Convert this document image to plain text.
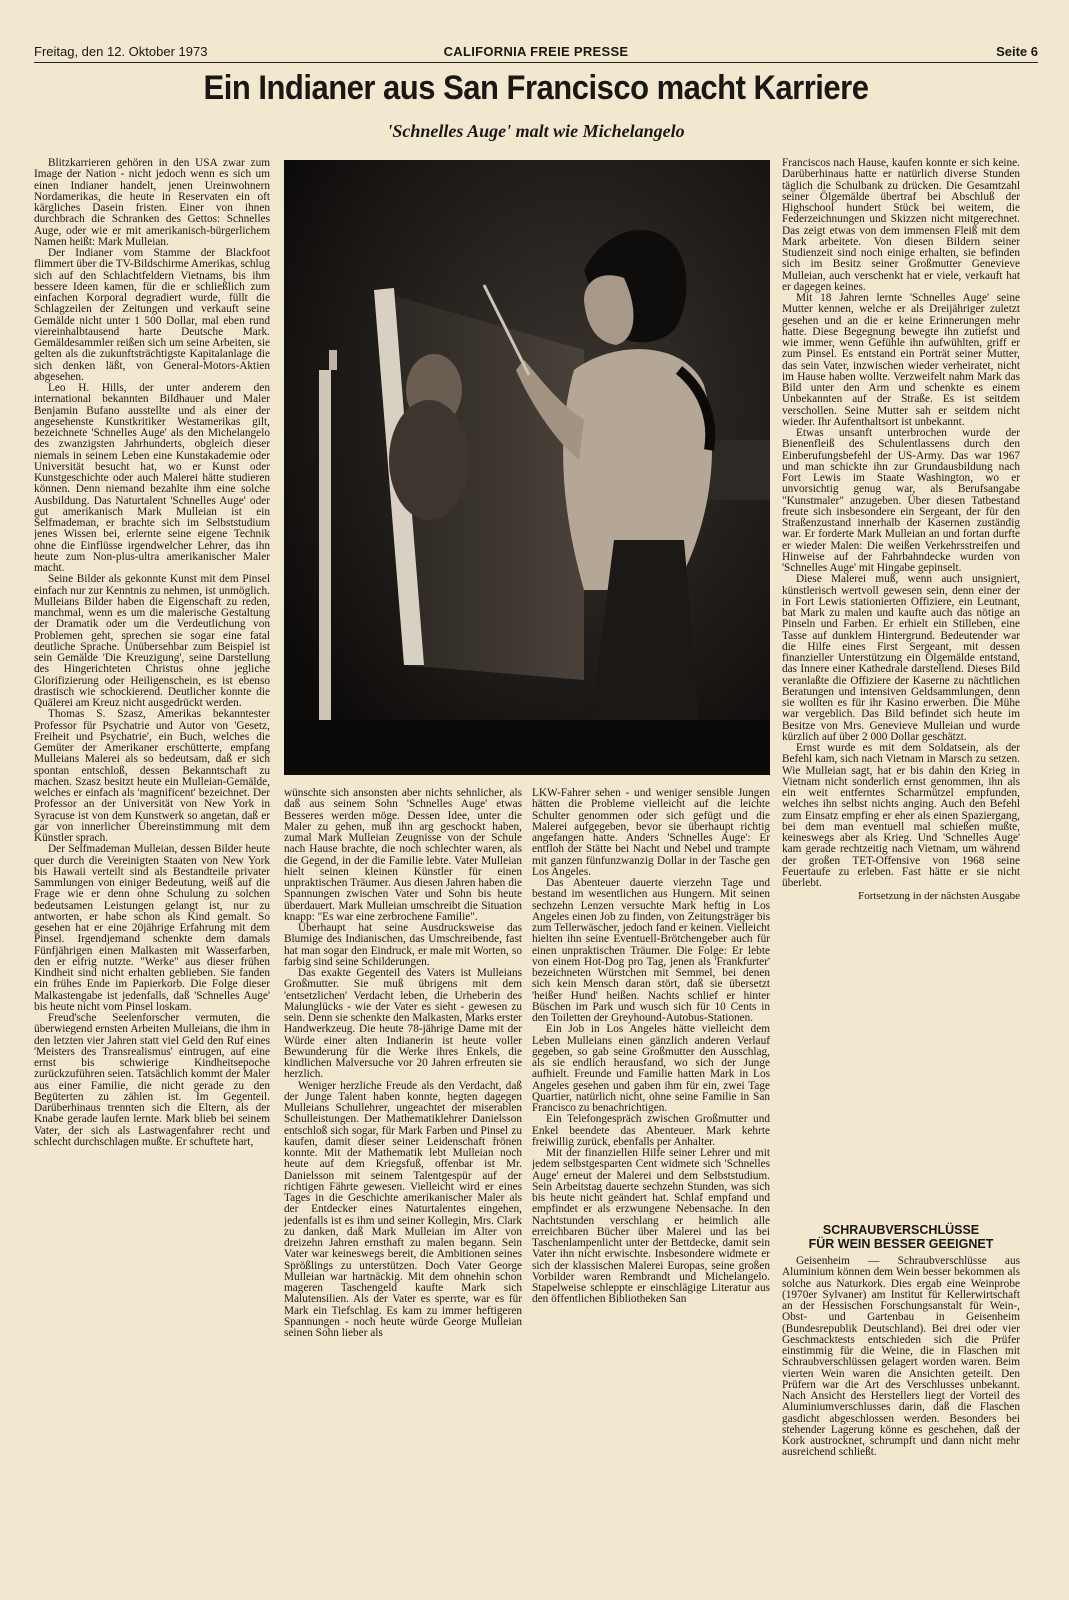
CALIFORNIA FREIE PRESSE
Freitag, den 12. Oktober 1973	Seite 6
Ein Indianer aus San Francisco macht Karriere
'Schnelles Auge' malt wie Michelangelo

Blitzkarrieren gehören in den USA zwar zum Image der Nation - nicht jedoch wenn es sich um einen Indianer handelt, jenen Ureinwohnern Nordamerikas, die heute in Reservaten ein oft kärgliches Dasein fristen. Einer von ihnen durchbrach die Schranken des Gettos: Schnelles Auge, oder wie er mit amerikanisch-bürgerlichem Namen heißt: Mark Mulleian.

Der Indianer vom Stamme der Blackfoot flimmert über die TV-Bildschirme Amerikas, schlug sich auf den Schlachtfeldern Vietnams, bis ihm bessere Ideen kamen, für die er schließlich zum einfachen Korporal degradiert wurde, füllt die Schlagzeilen der Zeitungen und verkauft seine Gemälde nicht unter 1 500 Dollar, mal eben rund viereinhalbtausend harte Deutsche Mark. Gemäldesammler reißen sich um seine Arbeiten, sie gelten als die zukunftsträchtigste Kapitalanlage die sich denken läßt, von General-Motors-Aktien abgesehen.

Leo H. Hills, der unter anderem den international bekannten Bildhauer und Maler Benjamin Bufano ausstellte und als einer der angesehenste Kunstkritiker Westamerikas gilt, bezeichnete 'Schnelles Auge' als den Michelangelo des zwanzigsten Jahrhunderts, obgleich dieser niemals in seinem Leben eine Kunstakademie oder Universität besucht hat, wo er Kunst oder Kunstgeschichte oder auch Malerei hätte studieren können. Denn niemand bezahlte ihm eine solche Ausbildung. Das Naturtalent 'Schnelles Auge' oder gut amerikanisch Mark Mulleian ist ein Selfmademan, er brachte sich im Selbststudium jenes Wissen bei, erlernte seine eigene Technik ohne die Einflüsse irgendwelcher Lehrer, das ihn heute zum Non-plus-ultra amerikanischer Maler macht.

Seine Bilder als gekonnte Kunst mit dem Pinsel einfach nur zur Kenntnis zu nehmen, ist unmöglich. Mulleians Bilder haben die Eigenschaft zu reden, manchmal, wenn es um die malerische Gestaltung der Dramatik oder um die Verdeutlichung von Problemen geht, sprechen sie sogar eine fatal deutliche Sprache. Unübersehbar zum Beispiel ist sein Gemälde 'Die Kreuzigung', seine Darstellung des Hingerichteten Christus ohne jegliche Glorifizierung oder Heiligenschein, es ist ebenso drastisch wie schockierend. Deutlicher konnte die Quälerei am Kreuz nicht ausgedrückt werden.

Thomas S. Szasz, Amerikas bekanntester Professor für Psychatrie und Autor von 'Gesetz, Freiheit und Psychatrie', ein Buch, welches die Gemüter der Amerikaner erschütterte, empfang Mulleians Malerei als so bedeutsam, daß er sich spontan entschloß, dessen Bekanntschaft zu machen. Szasz besitzt heute ein Mulleian-Gemälde, welches er einfach als 'magnificent' bezeichnet. Der Professor an der Universität von New York in Syracuse ist von dem Kunstwerk so angetan, daß er gar von innerlicher Übereinstimmung mit dem Künstler sprach.

Der Selfmademan Mulleian, dessen Bilder heute quer durch die Vereinigten Staaten von New York bis Hawaii verteilt sind als Bestandteile privater Sammlungen von einiger Bedeutung, weiß auf die Frage wie er denn ohne Schulung zu solchen bedeutsamen Leistungen gelangt ist, nur zu antworten, er habe schon als Kind gemalt. So gesehen hat er eine 20jährige Erfahrung mit dem Pinsel. Irgendjemand schenkte dem damals Fünfjährigen einen Malkasten mit Wasserfarben, den er eifrig nutzte. "Werke" aus dieser frühen Kindheit sind nicht erhalten geblieben. Sie fanden ein frühes Ende im Papierkorb. Die Folge dieser Malkastengabe ist jedenfalls, daß 'Schnelles Auge' bis heute nicht vom Pinsel loskam.

Freud'sche Seelenforscher vermuten, die überwiegend ernsten Arbeiten Mulleians, die ihm in den letzten vier Jahren statt viel Geld den Ruf eines 'Meisters des Transrealismus' eintrugen, auf eine ernst bis schwierige Kindheitsepoche zurückzuführen seien. Tatsächlich kommt der Maler aus einer Familie, die nicht gerade zu den Begüterten zu zählen ist. Im Gegenteil. Darüberhinaus trennten sich die Eltern, als der Knabe gerade laufen lernte. Mark blieb bei seinem Vater, der sich als Lastwagenfahrer recht und schlecht durchschlagen mußte. Er schuftete hart,

wünschte sich ansonsten aber nichts sehnlicher, als daß aus seinem Sohn 'Schnelles Auge' etwas Besseres werden möge. Dessen Idee, unter die Maler zu gehen, muß ihn arg geschockt haben, zumal Mark Mulleian Zeugnisse von der Schule nach Hause brachte, die noch schlechter waren, als die Gegend, in der die Familie lebte. Vater Mulleian hielt seinen kleinen Künstler für einen unpraktischen Träumer. Aus diesen Jahren haben die Spannungen zwischen Vater und Sohn bis heute überdauert. Mark Mulleian umschreibt die Situation knapp: "Es war eine zerbrochene Familie".

Überhaupt hat seine Ausdrucksweise das Blumige des Indianischen, das Umschreibende, fast hat man sogar den Eindruck, er male mit Worten, so farbig sind seine Schilderungen.

Das exakte Gegenteil des Vaters ist Mulleians Großmutter. Sie muß übrigens mit dem 'entsetzlichen' Verdacht leben, die Urheberin des Malunglücks - wie der Vater es sieht - gewesen zu sein. Denn sie schenkte den Malkasten, Marks erster Handwerkzeug. Die heute 78-jährige Dame mit der Würde einer alten Indianerin ist heute voller Bewunderung für die Werke ihres Enkels, die kindlichen Malversuche vor 20 Jahren erfreuten sie herzlich.

Weniger herzliche Freude als den Verdacht, daß der Junge Talent haben konnte, hegten dagegen Mulleians Schullehrer, ungeachtet der miserablen Schulleistungen. Der Mathematiklehrer Danielsson entschloß sich sogar, für Mark Farben und Pinsel zu kaufen, damit dieser seiner Leidenschaft frönen konnte. Mit der Mathematik lebt Mulleian noch heute auf dem Kriegsfuß, offenbar ist Mr. Danielsson mit seinem Talentgespür auf der richtigen Fährte gewesen. Vielleicht wird er eines Tages in die Geschichte amerikanischer Maler als der Entdecker eines Naturtalentes eingehen, jedenfalls ist es ihm und seiner Kollegin, Mrs. Clark zu danken, daß Mark Mulleian im Alter von dreizehn Jahren ernsthaft zu malen begann. Sein Vater war keineswegs bereit, die Ambitionen seines Sprößlings zu unterstützen. Doch Vater George Mulleian war hartnäckig. Mit dem ohnehin schon mageren Taschengeld kaufte Mark sich Malutensilien. Als der Vater es sperrte, war es für Mark ein Tiefschlag. Es kam zu immer heftigeren Spannungen - noch heute würde George Mulleian seinen Sohn lieber als

LKW-Fahrer sehen - und weniger sensible Jungen hätten die Probleme vielleicht auf die leichte Schulter genommen oder sich gefügt und die Malerei aufgegeben, bevor sie überhaupt richtig angefangen hatte. Anders 'Schnelles Auge': Er entfloh der Stätte bei Nacht und Nebel und trampte mit ganzen fünfunzwanzig Dollar in der Tasche gen Los Angeles.

Das Abenteuer dauerte vierzehn Tage und bestand im wesentlichen aus Hungern. Mit seinen sechzehn Lenzen versuchte Mark heftig in Los Angeles einen Job zu finden, von Zeitungsträger bis zum Tellerwäscher, jedoch fand er keinen. Vielleicht hielten ihn seine Eventuell-Brötchengeber auch für einen unpraktischen Träumer. Die Folge: Er lebte von einem Hot-Dog pro Tag, jenen als 'Frankfurter' bezeichneten Würstchen mit Semmel, bei denen sich kein Mensch daran stört, daß sie übersetzt 'heißer Hund' heißen. Nachts schlief er hinter Büschen im Park und wusch sich für 10 Cents in den Toiletten der Greyhound-Autobus-Stationen.

Ein Job in Los Angeles hätte vielleicht dem Leben Mulleians einen gänzlich anderen Verlauf gegeben, so gab seine Großmutter den Ausschlag, als sie endlich herausfand, wo sich der Junge aufhielt. Freunde und Familie hatten Mark in Los Angeles gesehen und gaben ihm für ein, zwei Tage Quartier, natürlich nicht, ohne seine Familie in San Francisco zu benachrichtigen.

Ein Telefongespräch zwischen Großmutter und Enkel beendete das Abenteuer. Mark kehrte freiwillig zurück, ebenfalls per Anhalter.

Mit der finanziellen Hilfe seiner Lehrer und mit jedem selbstgesparten Cent widmete sich 'Schnelles Auge' erneut der Malerei und dem Selbststudium. Sein Arbeitstag dauerte sechzehn Stunden, was sich bis heute nicht geändert hat. Schlaf empfand und empfindet er als erzwungene Nebensache. In den Nachtstunden verschlang er heimlich alle erreichbaren Bücher über Malerei und las bei Taschenlampenlicht unter der Bettdecke, damit sein Vater ihn nicht erwischte. Insbesondere widmete er sich der klassischen Malerei Europas, seine großen Vorbilder waren Rembrandt und Michelangelo. Stapelweise schleppte er einschlägige Literatur aus den öffentlichen Bibliotheken San

Franciscos nach Hause, kaufen konnte er sich keine. Darüberhinaus hatte er natürlich diverse Stunden täglich die Schulbank zu drücken. Die Gesamtzahl seiner Ölgemälde übertraf bei Abschluß der Highschool hundert Stück bei weitem, die Federzeichnungen und Skizzen nicht mitgerechnet. Das zeigt etwas von dem immensen Fleiß mit dem Mark arbeitete. Von diesen Bildern seiner Studienzeit sind noch einige erhalten, sie befinden sich im Besitz seiner Großmutter Genevieve Mulleian, auch verschenkt hat er viele, verkauft hat er dagegen keines.

Mit 18 Jahren lernte 'Schnelles Auge' seine Mutter kennen, welche er als Dreijähriger zuletzt gesehen und an die er keine Erinnerungen mehr hatte. Diese Begegnung bewegte ihn zutiefst und wie immer, wenn Gefühle ihn aufwühlten, griff er zum Pinsel. Es entstand ein Porträt seiner Mutter, das sein Vater, inzwischen wieder verheiratet, nicht im Hause haben wollte. Verzweifelt nahm Mark das Bild unter den Arm und schenkte es einem Unbekannten auf der Straße. Es ist seitdem verschollen. Seine Mutter sah er seitdem nicht wieder. Ihr Aufenthaltsort ist unbekannt.

Etwas unsanft unterbrochen wurde der Bienenfleiß des Schulentlassens durch den Einberufungsbefehl der US-Army. Das war 1967 und man schickte ihn zur Grundausbildung nach Fort Lewis im Staate Washington, wo er unvorsichtig genug war, als Berufsangabe "Kunstmaler" anzugeben. Über diesen Tatbestand freute sich insbesondere ein Sergeant, der für den Straßenzustand innerhalb der Kasernen zuständig war. Er forderte Mark Mulleian an und fortan durfte er wieder Malen: Die weißen Verkehrsstreifen und Hinweise auf der Fahrbahndecke wurden von 'Schnelles Auge' mit Hingabe gepinselt.

Diese Malerei muß, wenn auch unsigniert, künstlerisch wertvoll gewesen sein, denn einer der in Fort Lewis stationierten Offiziere, ein Leutnant, bat Mark zu malen und kaufte auch das nötige an Pinseln und Farben. Er erhielt ein Stilleben, eine Tasse auf dunklem Hintergrund. Bedeutender war die Hilfe eines First Sergeant, mit dessen finanzieller Unterstützung ein Ölgemälde entstand, das Innere einer Kathedrale darstellend. Dieses Bild veranlaßte die Offiziere der Kaserne zu nächtlichen Beratungen und intensiven Geldsammlungen, denn sie wollten es für ihr Kasino erwerben. Die Mühe war vergeblich. Das Bild befindet sich heute im Besitze von Mrs. Genevieve Mulleian und wurde kürzlich auf über 2 000 Dollar geschätzt.

Ernst wurde es mit dem Soldatsein, als der Befehl kam, sich nach Vietnam in Marsch zu setzen. Wie Mulleian sagt, hat er bis dahin den Krieg in Vietnam nicht sonderlich ernst genommen, ihn als ein weit entferntes Scharmützel empfunden, welches ihn selbst nichts anging. Auch den Befehl zum Einsatz empfing er eher als einen Spaziergang, bei dem man eventuell mal schießen mußte, keineswegs aber als Krieg. Und 'Schnelles Auge' kam gerade rechtzeitig nach Vietnam, um während der großen TET-Offensive von 1968 seine Feuertaufe zu erleben. Fast hätte er sie nicht überlebt.

Fortsetzung in der nächsten Ausgabe

SCHRAUBVERSCHLÜSSE
FÜR WEIN BESSER GEEIGNET

Geisenheim — Schraubverschlüsse aus Aluminium können dem Wein besser bekommen als solche aus Naturkork. Dies ergab eine Weinprobe (1970er Sylvaner) am Institut für Kellerwirtschaft an der Hessischen Forschungsanstalt für Wein-, Obst- und Gartenbau in Geisenheim (Bundesrepublik Deutschland). Bei drei oder vier Geschmacktests entschieden sich die Prüfer einstimmig für die Weine, die in Flaschen mit Schraubverschlüssen gelagert worden waren. Beim vierten Wein waren die Ansichten geteilt. Den Prüfern war die Art des Verschlusses unbekannt. Nach Ansicht des Herstellers liegt der Vorteil des Aluminiumverschlusses darin, daß die Flaschen gasdicht abgeschlossen werden. Besonders bei stehender Lagerung könne es geschehen, daß der Kork austrocknet, schrumpft und dann nicht mehr ausreichend schließt.
